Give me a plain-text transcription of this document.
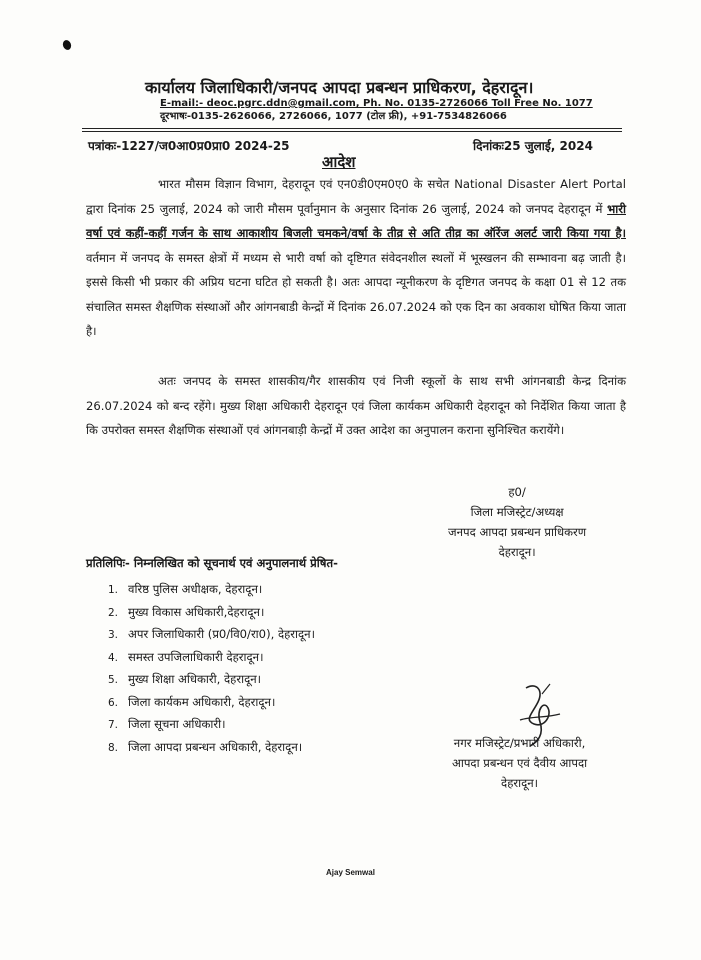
कार्यालय जिलाधिकारी/जनपद आपदा प्रबन्धन प्राधिकरण, देहरादून।
E-mail:- deoc.pgrc.ddn@gmail.com, Ph. No. 0135-2726066 Toll Free No. 1077
दूरभाषः-0135-2626066, 2726066, 1077 (टोल फ्री), +91-7534826066
पत्रांकः-1227/ज0आ0प्र0प्रा0 2024-25	दिनांकः25 जुलाई, 2024
आदेश
भारत मौसम विज्ञान विभाग, देहरादून एवं एन0डी0एम0ए0 के सचेत National Disaster Alert Portal द्वारा दिनांक 25 जुलाई, 2024 को जारी मौसम पूर्वानुमान के अनुसार दिनांक 26 जुलाई, 2024 को जनपद देहरादून में भारी वर्षा एवं कहीं-कहीं गर्जन के साथ आकाशीय बिजली चमकने/वर्षा के तीव्र से अति तीव्र का ऑरेंज अलर्ट जारी किया गया है। वर्तमान में जनपद के समस्त क्षेत्रों में मध्यम से भारी वर्षा को दृष्टिगत संवेदनशील स्थलों में भूस्खलन की सम्भावना बढ़ जाती है। इससे किसी भी प्रकार की अप्रिय घटना घटित हो सकती है। अतः आपदा न्यूनीकरण के दृष्टिगत जनपद के कक्षा 01 से 12 तक संचालित समस्त शैक्षणिक संस्थाओं और आंगनबाडी केन्द्रों में दिनांक 26.07.2024 को एक दिन का अवकाश घोषित किया जाता है।
अतः जनपद के समस्त शासकीय/गैर शासकीय एवं निजी स्कूलों के साथ सभी आंगनबाडी केन्द्र दिनांक 26.07.2024 को बन्द रहेंगे। मुख्य शिक्षा अधिकारी देहरादून एवं जिला कार्यकम अधिकारी देहरादून को निर्देशित किया जाता है कि उपरोक्त समस्त शैक्षणिक संस्थाओं एवं आंगनबाड़ी केन्द्रों में उक्त आदेश का अनुपालन कराना सुनिश्चित करायेंगे।
ह0/
जिला मजिस्ट्रेट/अध्यक्ष
जनपद आपदा प्रबन्धन प्राधिकरण
देहरादून।
प्रतिलिपिः- निम्नलिखित को सूचनार्थ एवं अनुपालनार्थ प्रेषित-
1. वरिष्ठ पुलिस अधीक्षक, देहरादून।
2. मुख्य विकास अधिकारी,देहरादून।
3. अपर जिलाधिकारी (प्र0/वि0/रा0), देहरादून।
4. समस्त उपजिलाधिकारी देहरादून।
5. मुख्य शिक्षा अधिकारी, देहरादून।
6. जिला कार्यकम अधिकारी, देहरादून।
7. जिला सूचना अधिकारी।
8. जिला आपदा प्रबन्धन अधिकारी, देहरादून।	नगर मजिस्ट्रेट/प्रभारी अधिकारी,
आपदा प्रबन्धन एवं दैवीय आपदा
देहरादून।
Ajay Semwal
